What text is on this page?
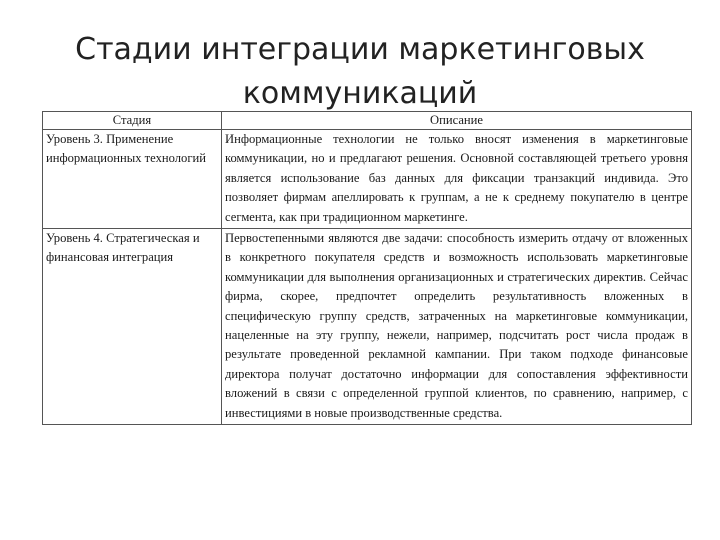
Стадии интеграции маркетинговых
коммуникаций
Стадия	Описание
Уровень 3. Применение информационных технологий	Информационные технологии не только вносят изменения в маркетинговые коммуникации, но и предлагают решения. Основной составляющей третьего уровня является использование баз данных для фиксации транзакций индивида. Это позволяет фирмам апеллировать к группам, а не к среднему покупателю в центре сегмента, как при традиционном маркетинге.
Уровень 4. Стратегическая и финансовая интеграция	Первостепенными являются две задачи: способность измерить отдачу от вложенных в конкретного покупателя средств и возможность использовать маркетинговые коммуникации для выполнения организационных и стратегических директив. Сейчас фирма, скорее, предпочтет определить результативность вложенных в специфическую группу средств, затраченных на маркетинговые коммуникации, нацеленные на эту группу, нежели, например, подсчитать рост числа продаж в результате проведенной рекламной кампании. При таком подходе финансовые директора получат достаточно информации для сопоставления эффективности вложений в связи с определенной группой клиентов, по сравнению, например, с инвестициями в новые производственные средства.
